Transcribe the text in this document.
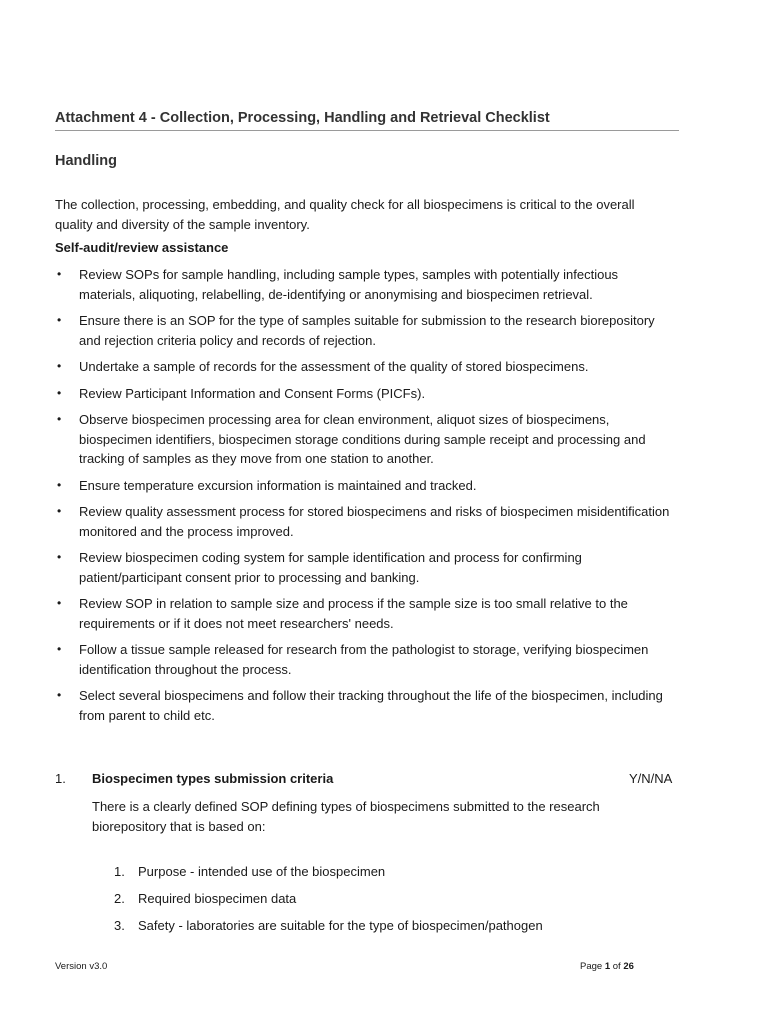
Attachment 4 - Collection, Processing, Handling and Retrieval Checklist
Handling
The collection, processing, embedding, and quality check for all biospecimens is critical to the overall quality and diversity of the sample inventory.
Self-audit/review assistance
• Review SOPs for sample handling, including sample types, samples with potentially infectious materials, aliquoting, relabelling, de-identifying or anonymising and biospecimen retrieval.
• Ensure there is an SOP for the type of samples suitable for submission to the research biorepository and rejection criteria policy and records of rejection.
• Undertake a sample of records for the assessment of the quality of stored biospecimens.
• Review Participant Information and Consent Forms (PICFs).
• Observe biospecimen processing area for clean environment, aliquot sizes of biospecimens, biospecimen identifiers, biospecimen storage conditions during sample receipt and processing and tracking of samples as they move from one station to another.
• Ensure temperature excursion information is maintained and tracked.
• Review quality assessment process for stored biospecimens and risks of biospecimen misidentification monitored and the process improved.
• Review biospecimen coding system for sample identification and process for confirming patient/participant consent prior to processing and banking.
• Review SOP in relation to sample size and process if the sample size is too small relative to the requirements or if it does not meet researchers' needs.
• Follow a tissue sample released for research from the pathologist to storage, verifying biospecimen identification throughout the process.
• Select several biospecimens and follow their tracking throughout the life of the biospecimen, including from parent to child etc.
1. Biospecimen types submission criteria	Y/N/NA
There is a clearly defined SOP defining types of biospecimens submitted to the research biorepository that is based on:
1. Purpose - intended use of the biospecimen
2. Required biospecimen data
3. Safety - laboratories are suitable for the type of biospecimen/pathogen
Version v3.0	Page 1 of 26
